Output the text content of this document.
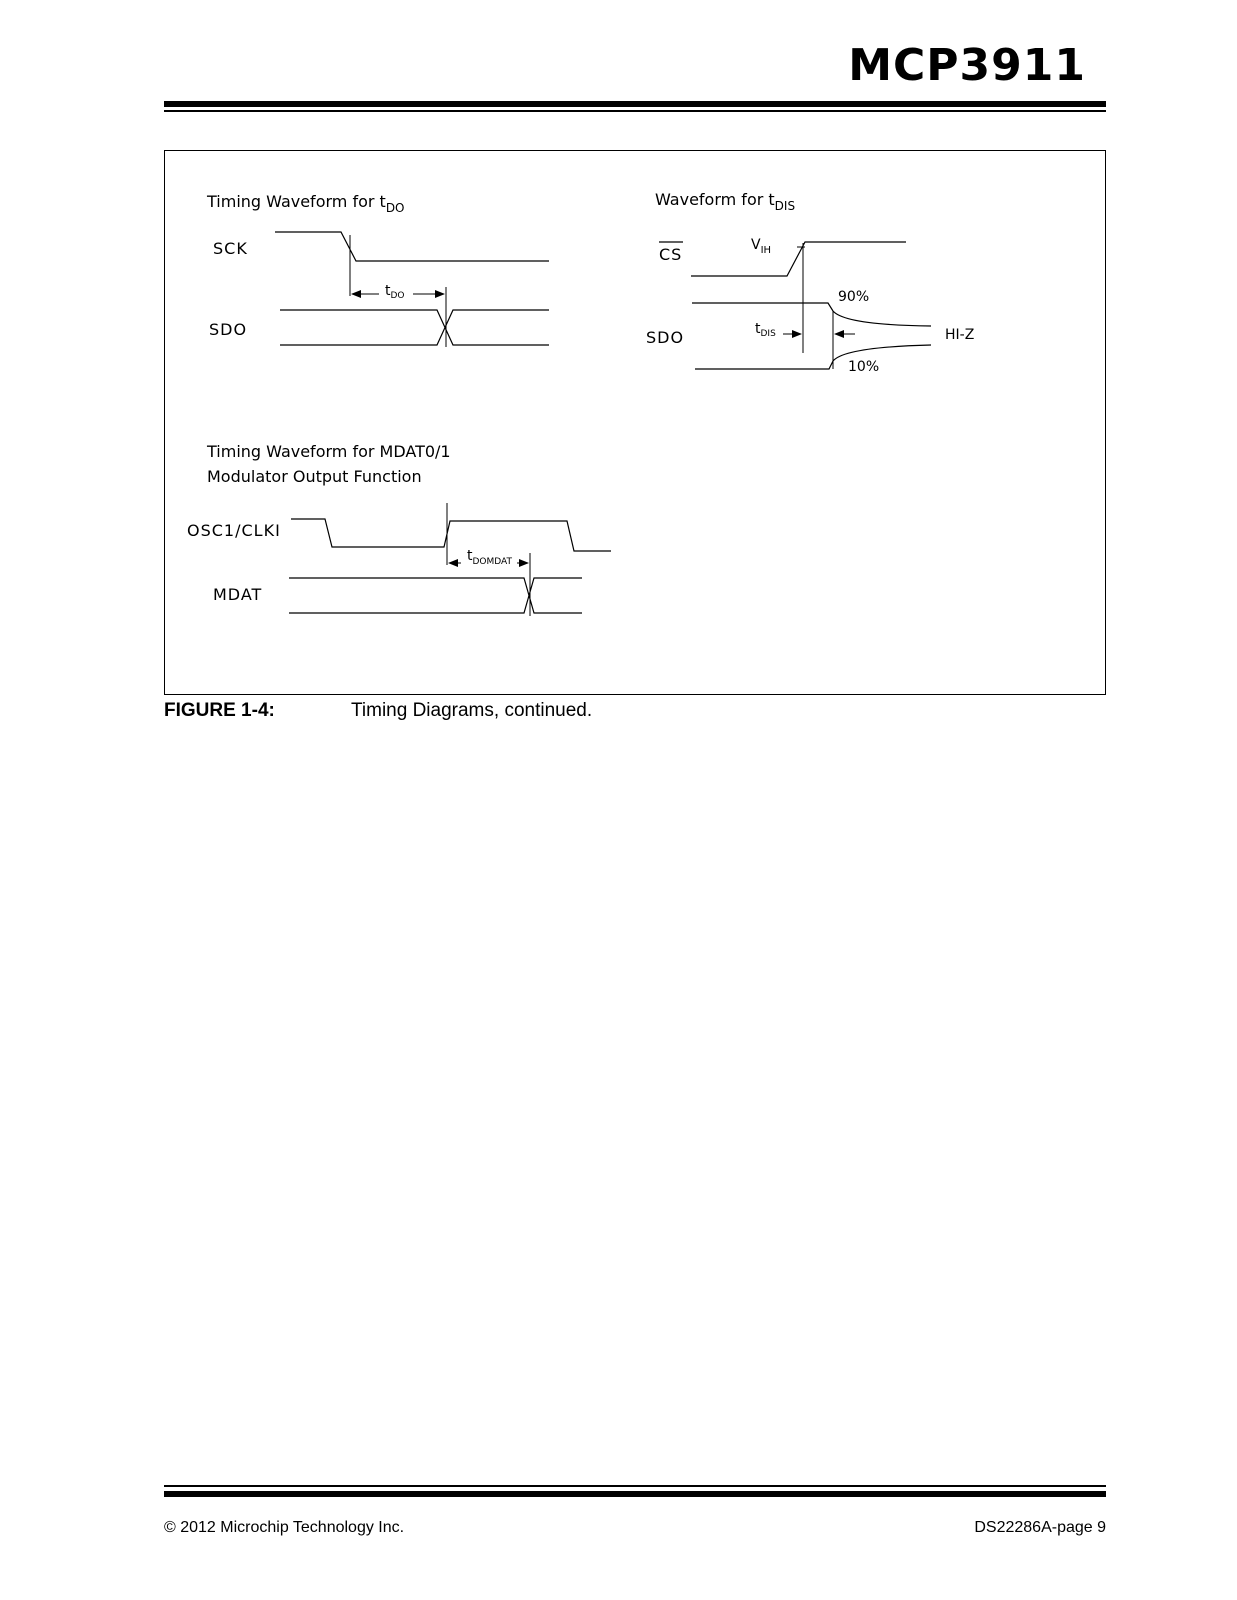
MCP3911
Timing Waveform for $t_{DO}$
SCK
$t_{DO}$
SDO
Waveform for $t_{DIS}$
CS	$V_{IH}$
SDO	$t_{DIS}$
90%
10%
HI-Z
Timing Waveform for MDAT0/1
Modulator Output Function
OSC1/CLKI
$t_{DOMDAT}$
MDAT
FIGURE 1-4:	Timing Diagrams, continued.
© 2012 Microchip Technology Inc.	DS22286A-page 9
